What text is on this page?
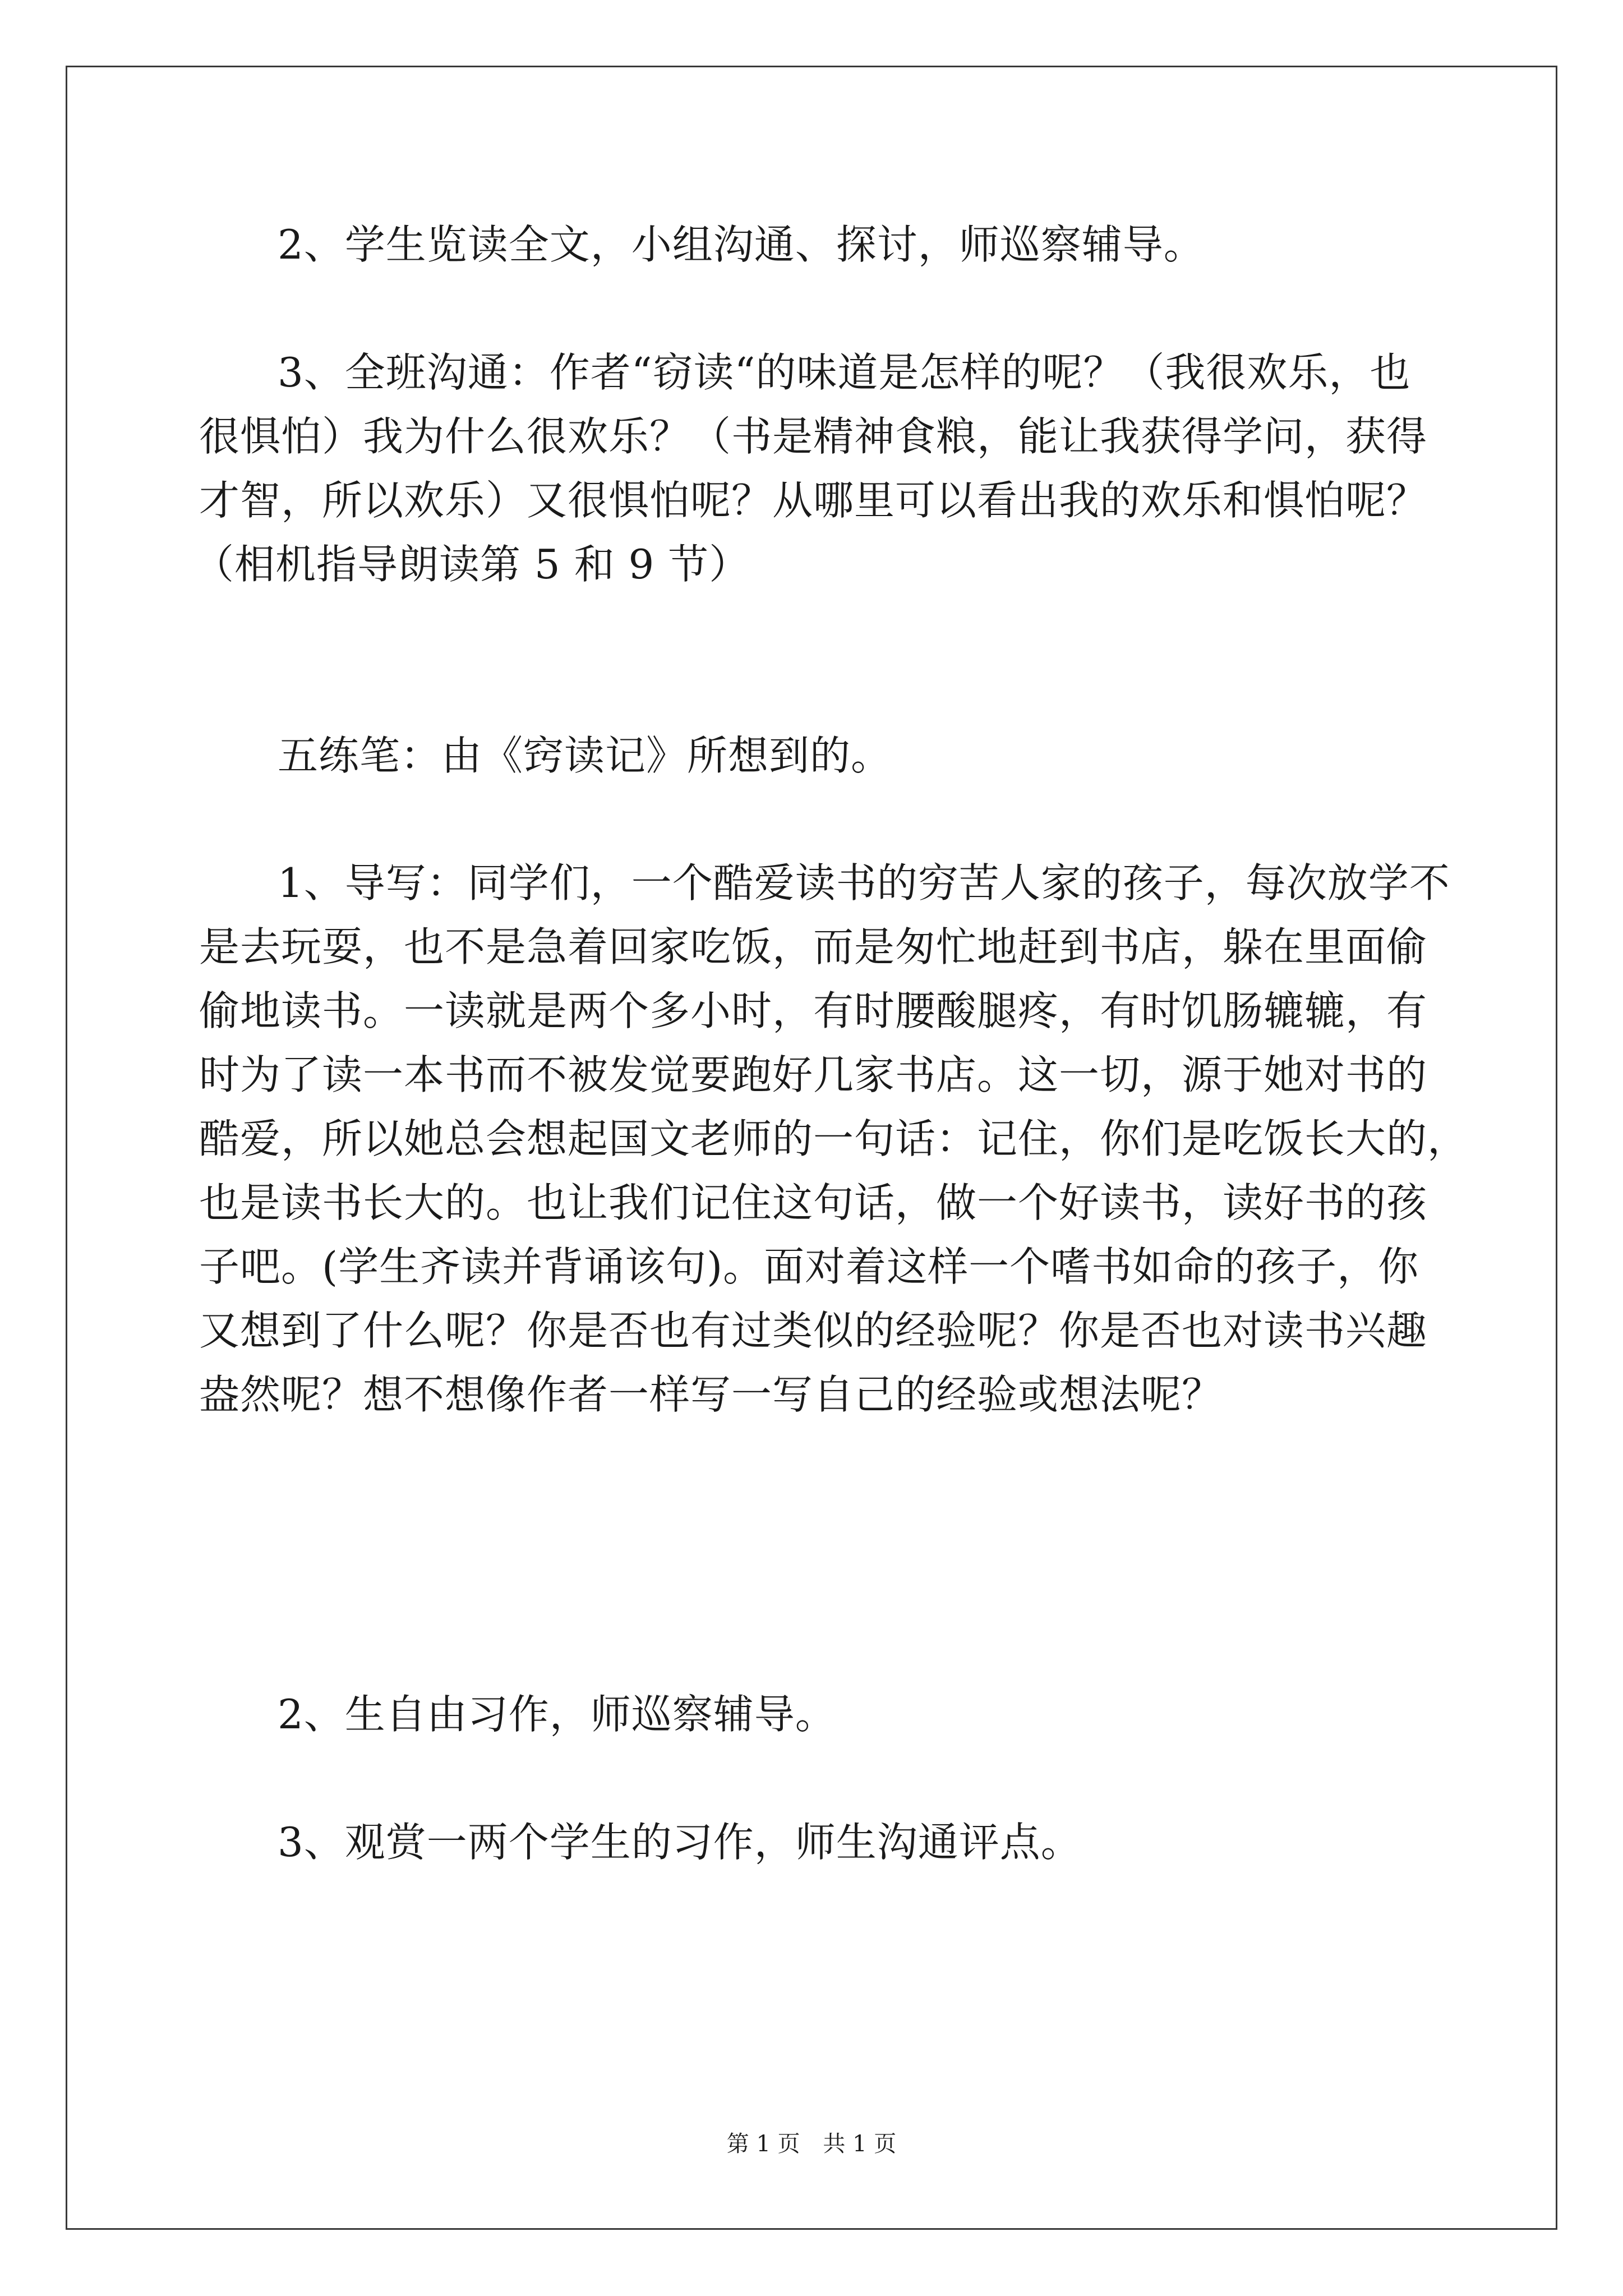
2、学生览读全文，小组沟通、探讨，师巡察辅导。
3、全班沟通：作者“窃读“的味道是怎样的呢？（我很欢乐，也
很惧怕）我为什么很欢乐？（书是精神食粮，能让我获得学问，获得
才智，所以欢乐）又很惧怕呢？从哪里可以看出我的欢乐和惧怕呢？
（相机指导朗读第 5 和 9 节）
五练笔：由《窍读记》所想到的。
1、导写：同学们，一个酷爱读书的穷苦人家的孩子，每次放学不
是去玩耍，也不是急着回家吃饭，而是匆忙地赶到书店，躲在里面偷
偷地读书。一读就是两个多小时，有时腰酸腿疼，有时饥肠辘辘，有
时为了读一本书而不被发觉要跑好几家书店。这一切，源于她对书的
酷爱，所以她总会想起国文老师的一句话：记住，你们是吃饭长大的，
也是读书长大的。也让我们记住这句话，做一个好读书，读好书的孩
子吧。(学生齐读并背诵该句)。面对着这样一个嗜书如命的孩子，你
又想到了什么呢？你是否也有过类似的经验呢？你是否也对读书兴趣
盎然呢？想不想像作者一样写一写自己的经验或想法呢？
2、生自由习作，师巡察辅导。
3、观赏一两个学生的习作，师生沟通评点。
第 1 页 共 1 页
